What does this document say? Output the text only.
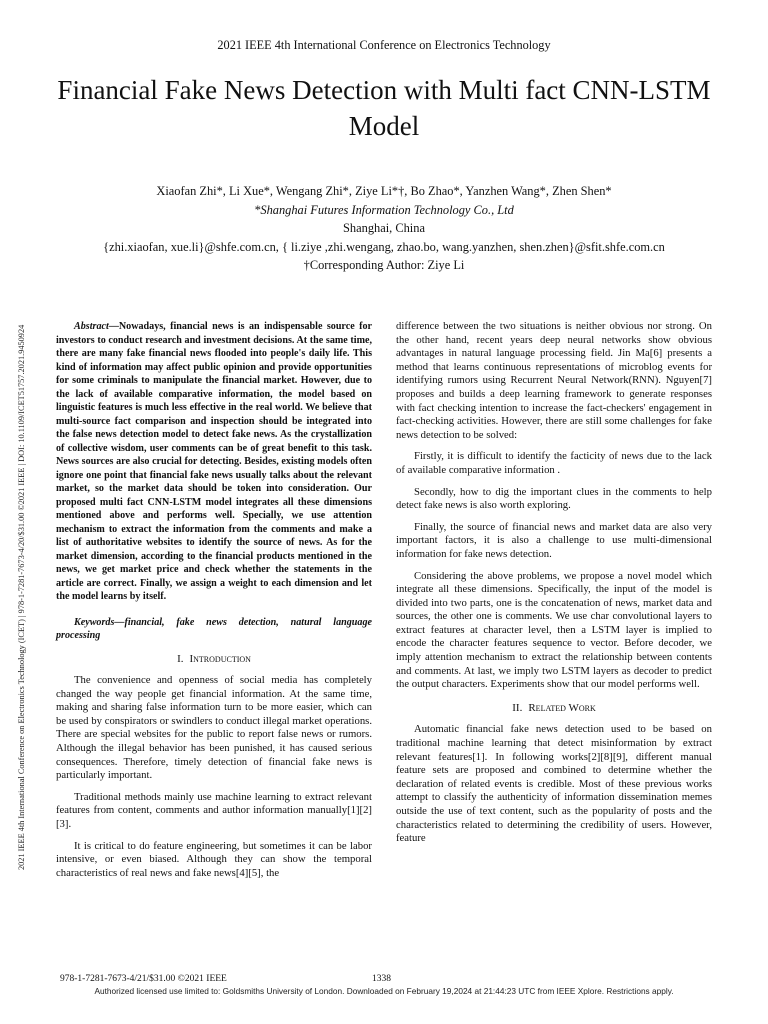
2021 IEEE 4th International Conference on Electronics Technology
Financial Fake News Detection with Multi fact CNN-LSTM Model
Xiaofan Zhi*, Li Xue*, Wengang Zhi*, Ziye Li*†, Bo Zhao*, Yanzhen Wang*, Zhen Shen*
*Shanghai Futures Information Technology Co., Ltd
Shanghai, China
{zhi.xiaofan, xue.li}@shfe.com.cn, { li.ziye ,zhi.wengang, zhao.bo, wang.yanzhen, shen.zhen}@sfit.shfe.com.cn
†Corresponding Author: Ziye Li
2021 IEEE 4th International Conference on Electronics Technology (ICET) | 978-1-7281-7673-4/20/$31.00 ©2021 IEEE | DOI: 10.1109/ICET51757.2021.9450924	Abstract—Nowadays, financial news is an indispensable source for investors to conduct research and investment decisions. At the same time, there are many fake financial news flooded into people's daily life. This kind of information may affect public opinion and provide opportunities for some criminals to manipulate the financial market. However, due to the lack of available comparative information, the model based on linguistic features is much less effective in the real world. We believe that multi-source fact comparison and inspection should be integrated into the false news detection model to detect fake news. As the crystallization of collective wisdom, user comments can be of great benefit to this task. News sources are also crucial for detecting. Besides, existing models often ignore one point that financial fake news usually talks about the relevant market, so the market data should be token into consideration. Our proposed multi fact CNN-LSTM model integrates all these dimensions mentioned above and performs well. Specially, we use attention mechanism to extract the information from the comments and make a list of authoritative websites to identify the source of news. As for the market dimension, according to the financial products mentioned in the news, we get market price and check whether the statements in the article are correct. Finally, we assign a weight to each dimension and let the model learns by itself.

Keywords—financial, fake news detection, natural language processing

I. Introduction

The convenience and openness of social media has completely changed the way people get financial information. At the same time, making and sharing false information turn to be more easier, which can be used by conspirators or swindlers to conduct illegal market operations. There are special websites for the public to report false news or rumors. Although the illegal behavior has been punished, it has caused serious consequences. Therefore, timely detection of financial fake news is particularly important.

Traditional methods mainly use machine learning to extract relevant features from content, comments and author information manually[1][2][3].

It is critical to do feature engineering, but sometimes it can be labor intensive, or even biased. Although they can show the temporal characteristics of real news and fake news[4][5], the

difference between the two situations is neither obvious nor strong. On the other hand, recent years deep neural networks show obvious advantages in natural language processing field. Jin Ma[6] presents a method that learns continuous representations of microblog events for identifying rumors using Recurrent Neural Network(RNN). Nguyen[7] proposes and builds a deep learning framework to generate responses with fact checking intention to increase the fact-checkers' engagement in fact-checking activities. However, there are still some challenges for fake news detection to be solved:

Firstly, it is difficult to identify the facticity of news due to the lack of available comparative information .

Secondly, how to dig the important clues in the comments to help detect fake news is also worth exploring.

Finally, the source of financial news and market data are also very important factors, it is also a challenge to use multi-dimensional information for fake news detection.

Considering the above problems, we propose a novel model which integrate all these dimensions. Specifically, the input of the model is divided into two parts, one is the concatenation of news, market data and sources, the other one is comments. We use char convolutional layers to extract features at character level, then a LSTM layer is implied to encode the character features sequence to vector. Before decoder, we imply attention mechanism to extract the relationship between contents and comments. At last, we imply two LSTM layers as decoder to predict the output characters. Experiments show that our model performs well.

II. Related Work

Automatic financial fake news detection used to be based on traditional machine learning that detect misinformation by extract relevant features[1]. In following works[2][8][9], different manual feature sets are proposed and combined to determine whether the declaration of related events is credible. Most of these previous works attempt to classify the authenticity of information dissemination memes outside the use of text content, such as the popularity of posts and the characteristics related to determining the credibility of users. However, feature

978-1-7281-7673-4/21/$31.00 ©2021 IEEE	1338
Authorized licensed use limited to: Goldsmiths University of London. Downloaded on February 19,2024 at 21:44:23 UTC from IEEE Xplore. Restrictions apply.
